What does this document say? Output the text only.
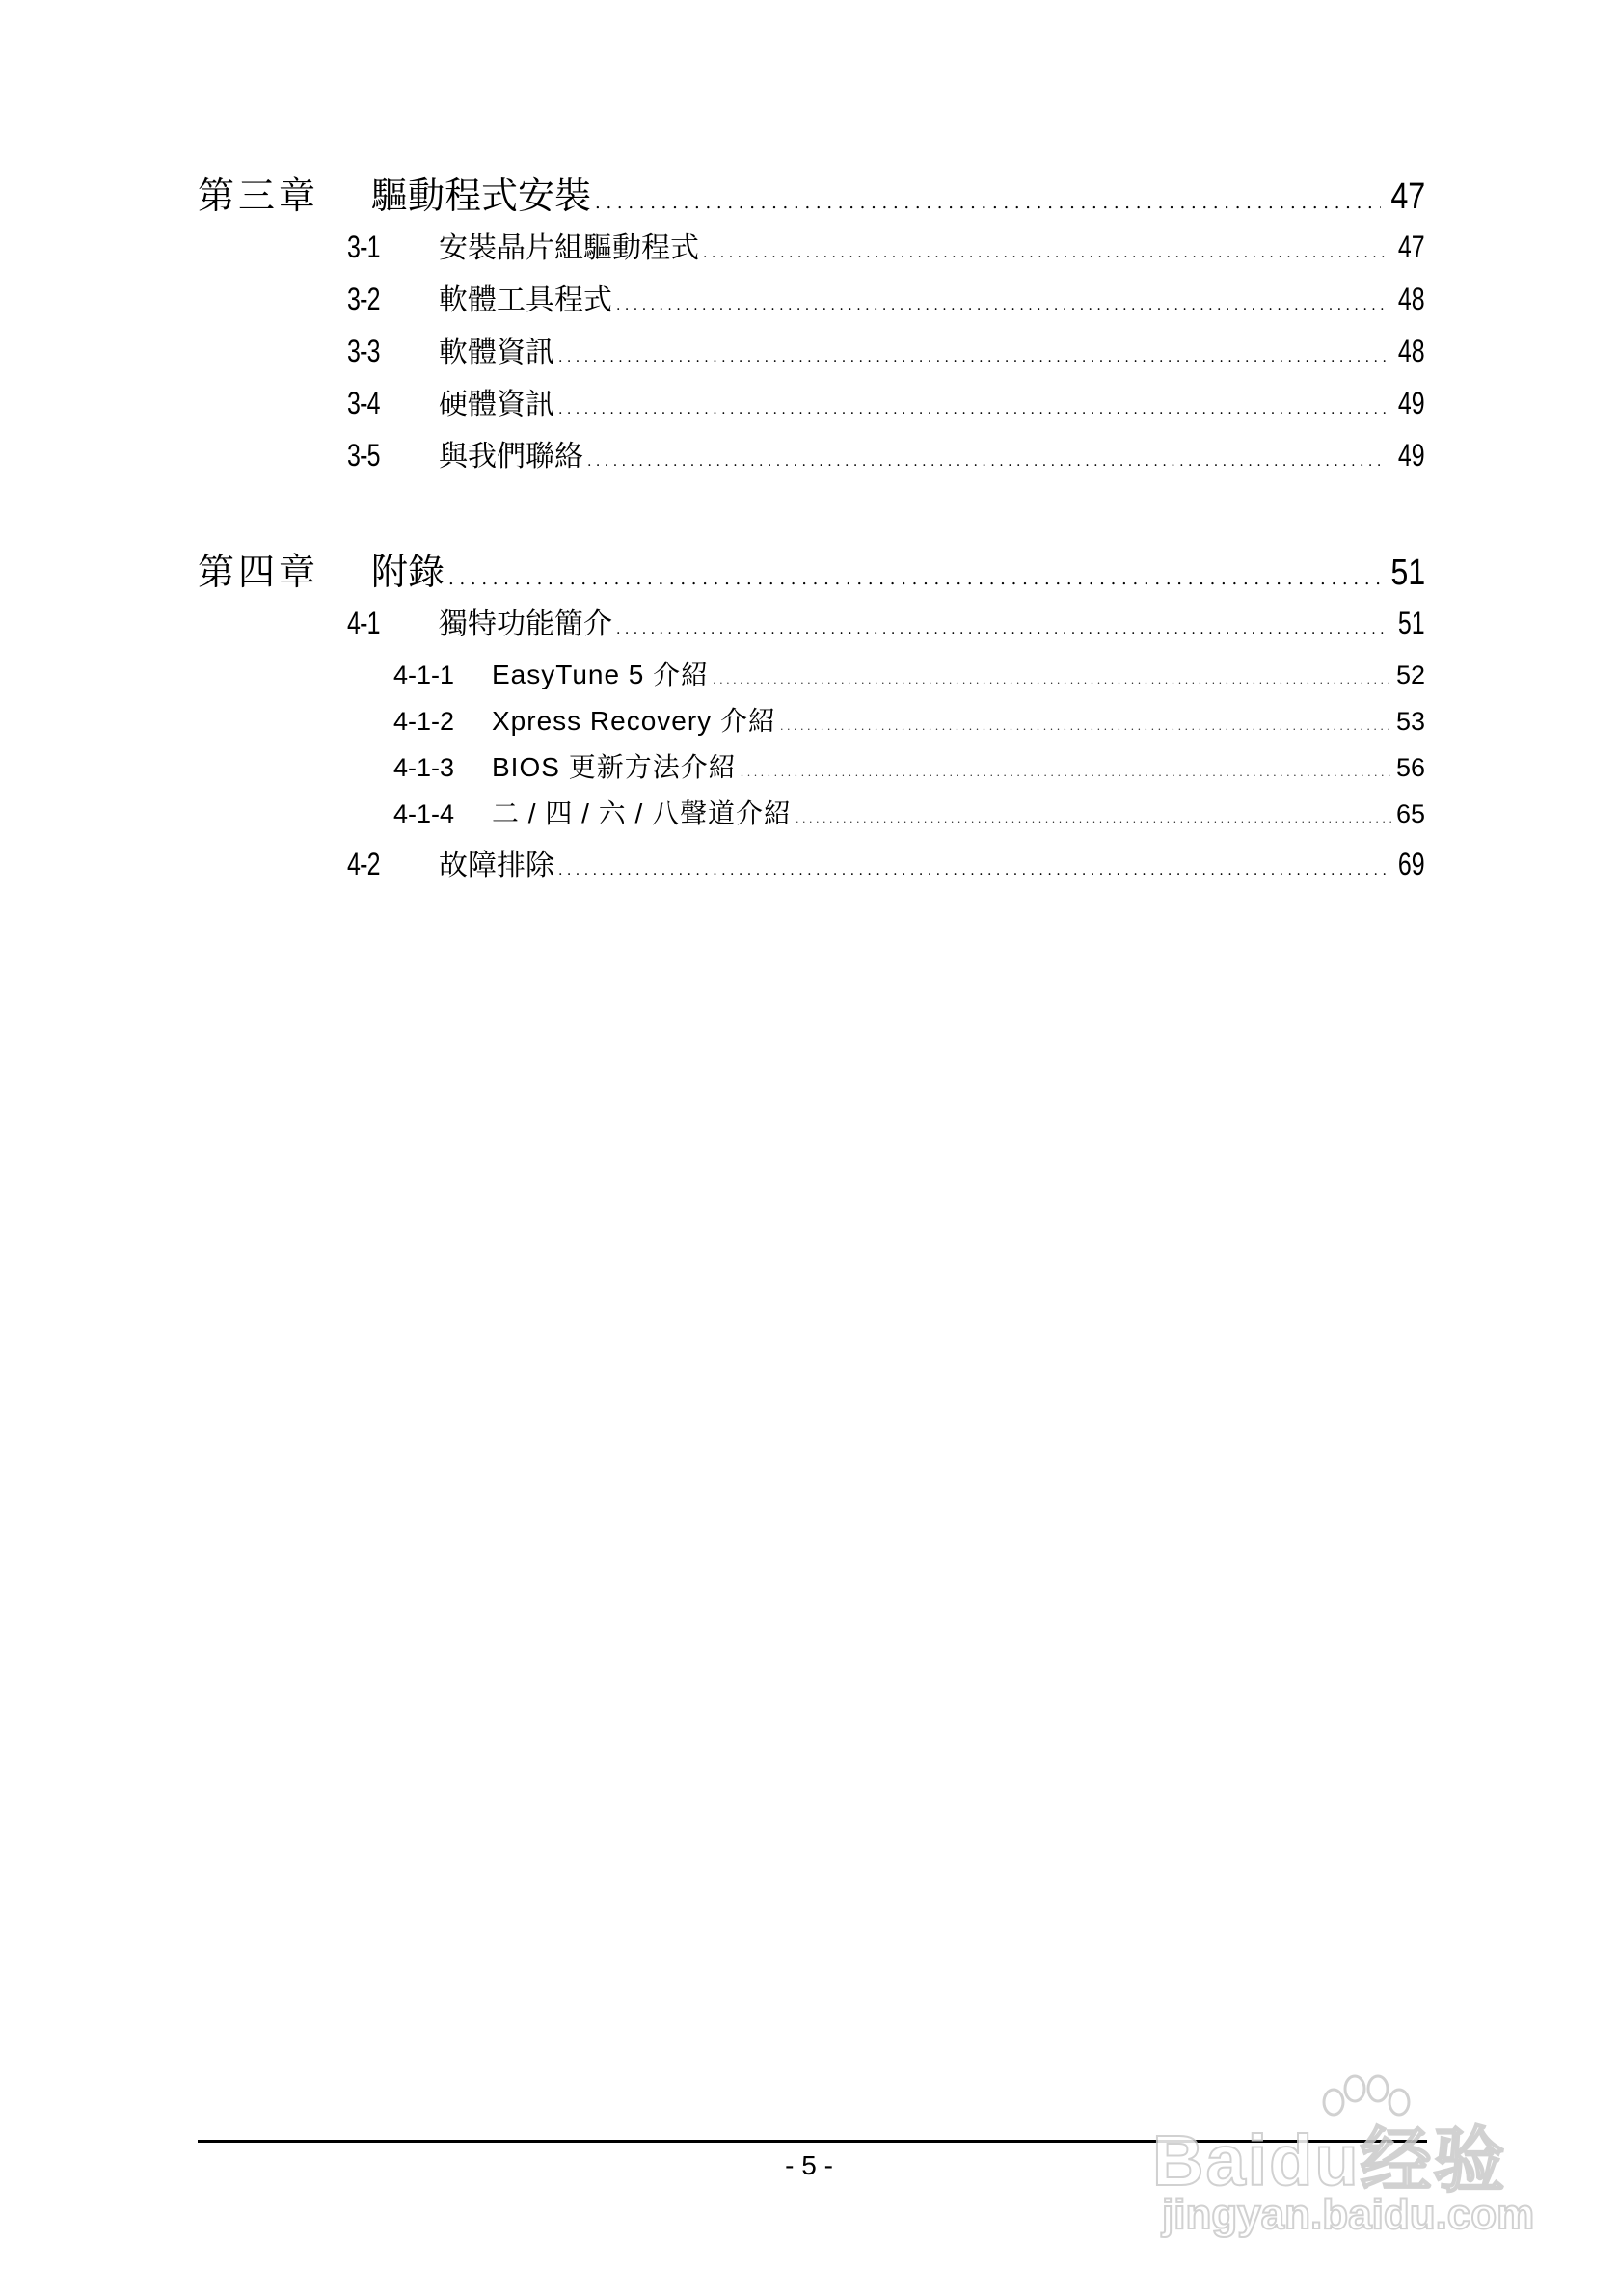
第三章	驅動程式安裝 . . .	47
3-1	安裝晶片組驅動程式 . . .	47
3-2	軟體工具程式 . . .	48
3-3	軟體資訊 . . .	48
3-4	硬體資訊 . . .	49
3-5	與我們聯絡 . . .	49
第四章	附錄 . . .	51
4-1	獨特功能簡介 . . .	51
4-1-1	EasyTune 5 介紹 . . .	52
4-1-2	Xpress Recovery 介紹 . . .	53
4-1-3	BIOS 更新方法介紹 . . .	56
4-1-4	二 / 四 / 六 / 八聲道介紹 . . .	65
4-2	故障排除 . . .	69
- 5 -	Baidu经验
jingyan.baidu.com
